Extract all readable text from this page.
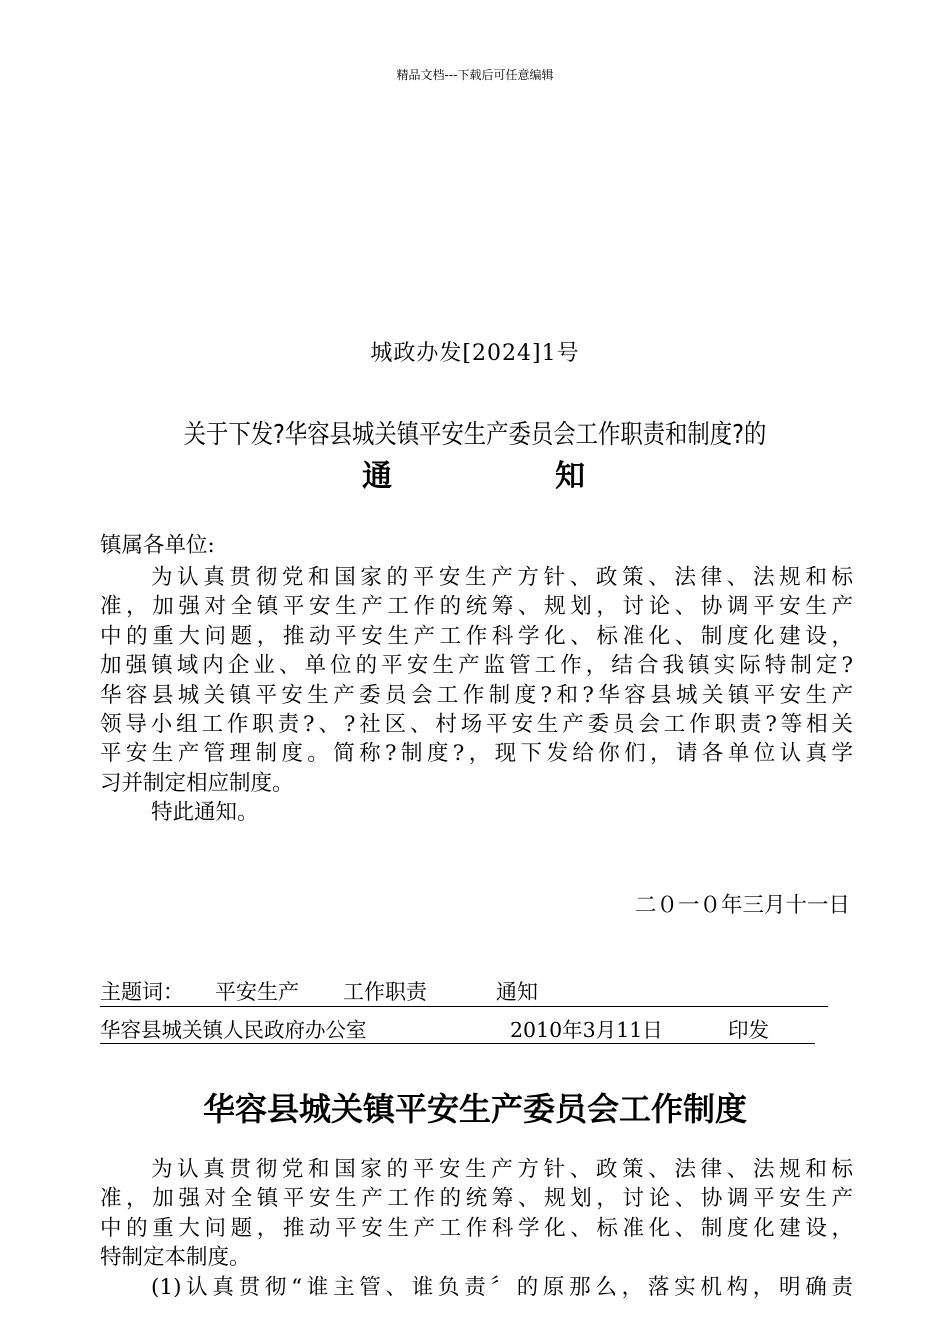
精品文档---下载后可任意编辑
城政办发[2024]1号
关于下发?华容县城关镇平安生产委员会工作职责和制度?的
通	知
镇属各单位:
为认真贯彻党和国家的平安生产方针、政策、法律、法规和标
准，加强对全镇平安生产工作的统筹、规划，讨论、协调平安生产
中的重大问题，推动平安生产工作科学化、标准化、制度化建设，
加强镇域内企业、单位的平安生产监管工作，结合我镇实际特制定?
华容县城关镇平安生产委员会工作制度?和?华容县城关镇平安生产
领导小组工作职责?、?社区、村场平安生产委员会工作职责?等相关
平安生产管理制度。简称?制度?，现下发给你们，请各单位认真学
习并制定相应制度。
特此通知。
二０一０年三月十一日
主题词： 平安生产 工作职责	通知
华容县城关镇人民政府办公室	2010年3月11日	印发
华容县城关镇平安生产委员会工作制度
为认真贯彻党和国家的平安生产方针、政策、法律、法规和标
准，加强对全镇平安生产工作的统筹、规划，讨论、协调平安生产
中的重大问题，推动平安生产工作科学化、标准化、制度化建设，
特制定本制度。
(1)认真贯彻“谁主管、谁负责〞的原那么，落实机构，明确责
